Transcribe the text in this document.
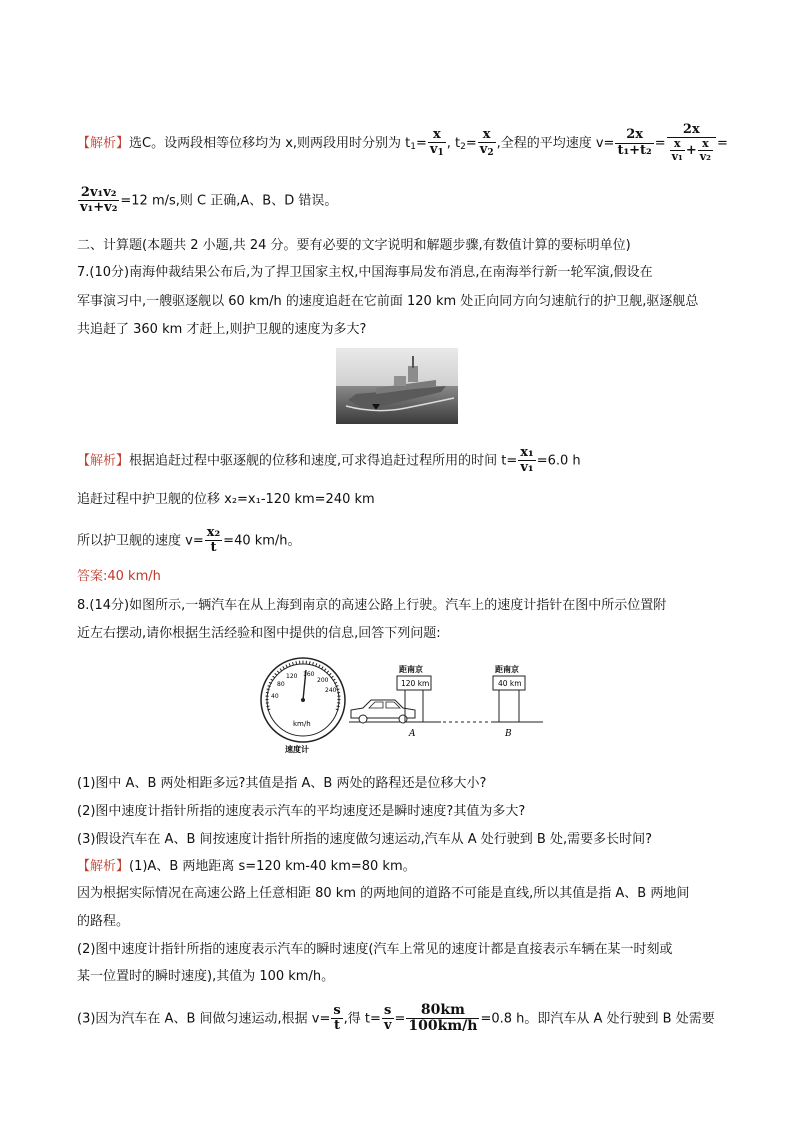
【解析】选C。设两段相等位移均为 x,则两段用时分别为 $t_1= \frac{x}{v_1}$ , $t_2= \frac{x}{v_2}$ ,全程的平均速度 $v= \frac{2x}{\text{t₁+t₂}} = \frac{2x}{\frac{x}{\text{v₁}} + \frac{x}{\text{v₂}}}$ =
$\frac{\text{2v₁v₂}}{\text{v₁+v₂}} =12$ m/s,则 C 正确,A、B、D 错误。
二、计算题(本题共 2 小题,共 24 分。要有必要的文字说明和解题步骤,有数值计算的要标明单位)
7.(10分)南海仲裁结果公布后,为了捍卫国家主权,中国海事局发布消息,在南海举行新一轮军演,假设在
军事演习中,一艘驱逐舰以 60 km/h 的速度追赶在它前面 120 km 处正向同方向匀速航行的护卫舰,驱逐舰总
共追赶了 360 km 才赶上,则护卫舰的速度为多大?
【解析】根据追赶过程中驱逐舰的位移和速度,可求得追赶过程所用的时间 $t= \frac{\text{x₁}}{\text{v₁}} =6.0$ h
追赶过程中护卫舰的位移 x₂=x₁-120 km=240 km
所以护卫舰的速度 $v= \frac{\text{x₂}}{t} =40$ km/h。
答案:40 km/h
8.(14分)如图所示,一辆汽车在从上海到南京的高速公路上行驶。汽车上的速度计指针在图中所示位置附
近左右摆动,请你根据生活经验和图中提供的信息,回答下列问题:
40
80
120 160
200
240
km/h
速度计
距南京
120 km
A
距南京
40 km
B
(1)图中 A、B 两处相距多远?其值是指 A、B 两处的路程还是位移大小?
(2)图中速度计指针所指的速度表示汽车的平均速度还是瞬时速度?其值为多大?
(3)假设汽车在 A、B 间按速度计指针所指的速度做匀速运动,汽车从 A 处行驶到 B 处,需要多长时间?
【解析】(1)A、B 两地距离 s=120 km-40 km=80 km。
因为根据实际情况在高速公路上任意相距 80 km 的两地间的道路不可能是直线,所以其值是指 A、B 两地间
的路程。
(2)图中速度计指针所指的速度表示汽车的瞬时速度(汽车上常见的速度计都是直接表示车辆在某一时刻或
某一位置时的瞬时速度),其值为 100 km/h。
(3)因为汽车在 A、B 间做匀速运动,根据 $v= \frac{s}{t}$ ,得 $t= \frac{s}{v} = \frac{80km}{100km/h} =0.8$ h。即汽车从 A 处行驶到 B 处需要
